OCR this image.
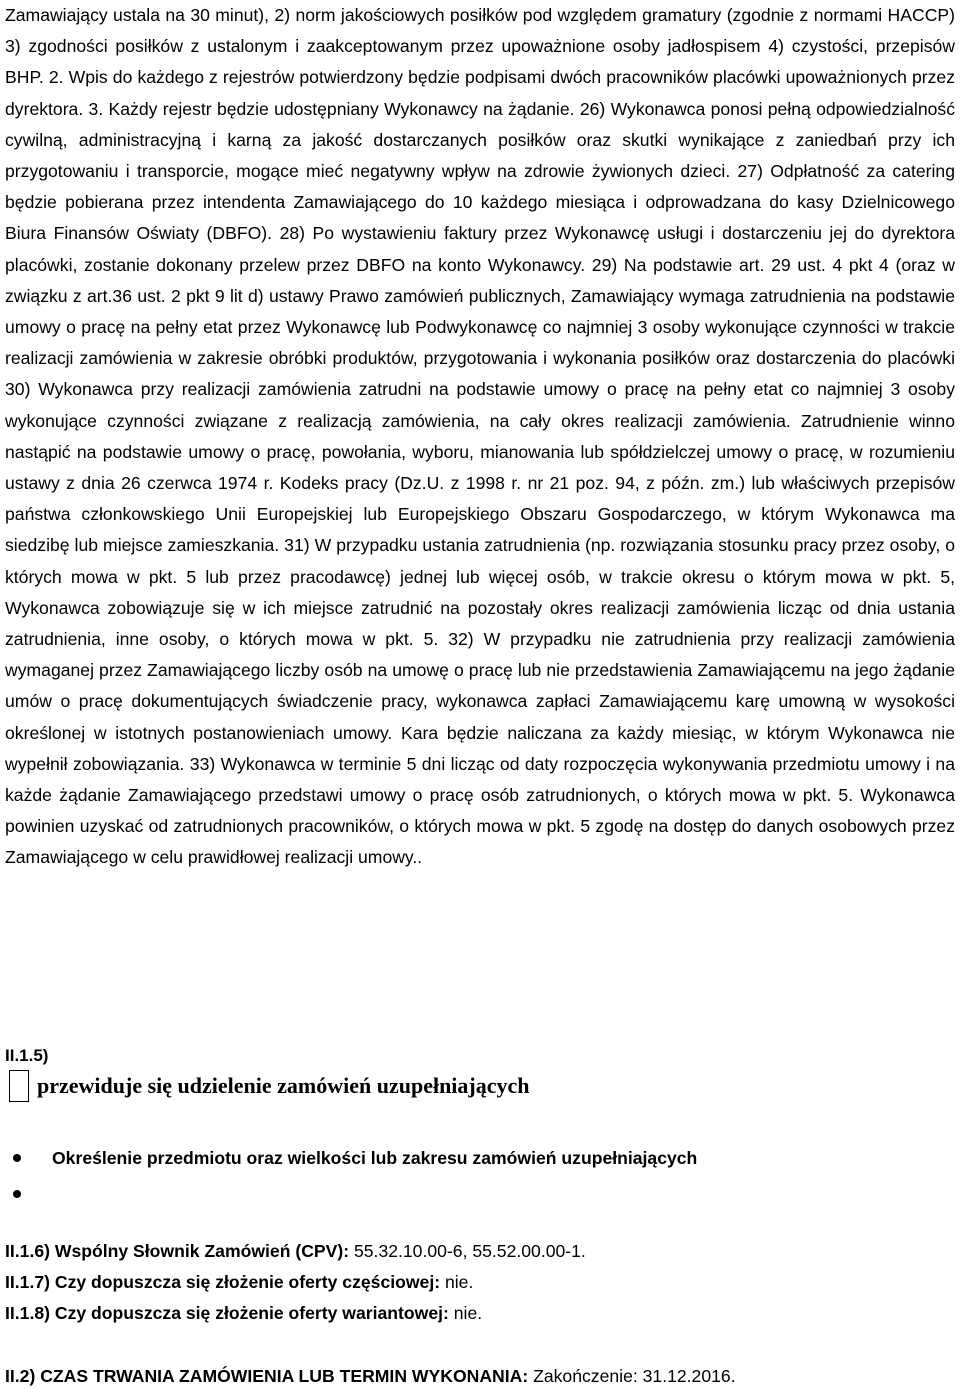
Zamawiający ustala na 30 minut), 2) norm jakościowych posiłków pod względem gramatury (zgodnie z normami HACCP) 3) zgodności posiłków z ustalonym i zaakceptowanym przez upoważnione osoby jadłospisem 4) czystości, przepisów BHP. 2. Wpis do każdego z rejestrów potwierdzony będzie podpisami dwóch pracowników placówki upoważnionych przez dyrektora. 3. Każdy rejestr będzie udostępniany Wykonawcy na żądanie. 26) Wykonawca ponosi pełną odpowiedzialność cywilną, administracyjną i karną za jakość dostarczanych posiłków oraz skutki wynikające z zaniedbań przy ich przygotowaniu i transporcie, mogące mieć negatywny wpływ na zdrowie żywionych dzieci. 27) Odpłatność za catering będzie pobierana przez intendenta Zamawiającego do 10 każdego miesiąca i odprowadzana do kasy Dzielnicowego Biura Finansów Oświaty (DBFO). 28) Po wystawieniu faktury przez Wykonawcę usługi i dostarczeniu jej do dyrektora placówki, zostanie dokonany przelew przez DBFO na konto Wykonawcy. 29) Na podstawie art. 29 ust. 4 pkt 4 (oraz w związku z art.36 ust. 2 pkt 9 lit d) ustawy Prawo zamówień publicznych, Zamawiający wymaga zatrudnienia na podstawie umowy o pracę na pełny etat przez Wykonawcę lub Podwykonawcę co najmniej 3 osoby wykonujące czynności w trakcie realizacji zamówienia w zakresie obróbki produktów, przygotowania i wykonania posiłków oraz dostarczenia do placówki 30) Wykonawca przy realizacji zamówienia zatrudni na podstawie umowy o pracę na pełny etat co najmniej 3 osoby wykonujące czynności związane z realizacją zamówienia, na cały okres realizacji zamówienia. Zatrudnienie winno nastąpić na podstawie umowy o pracę, powołania, wyboru, mianowania lub spółdzielczej umowy o pracę, w rozumieniu ustawy z dnia 26 czerwca 1974 r. Kodeks pracy (Dz.U. z 1998 r. nr 21 poz. 94, z późn. zm.) lub właściwych przepisów państwa członkowskiego Unii Europejskiej lub Europejskiego Obszaru Gospodarczego, w którym Wykonawca ma siedzibę lub miejsce zamieszkania. 31) W przypadku ustania zatrudnienia (np. rozwiązania stosunku pracy przez osoby, o których mowa w pkt. 5 lub przez pracodawcę) jednej lub więcej osób, w trakcie okresu o którym mowa w pkt. 5, Wykonawca zobowiązuje się w ich miejsce zatrudnić na pozostały okres realizacji zamówienia licząc od dnia ustania zatrudnienia, inne osoby, o których mowa w pkt. 5. 32) W przypadku nie zatrudnienia przy realizacji zamówienia wymaganej przez Zamawiającego liczby osób na umowę o pracę lub nie przedstawienia Zamawiającemu na jego żądanie umów o pracę dokumentujących świadczenie pracy, wykonawca zapłaci Zamawiającemu karę umowną w wysokości określonej w istotnych postanowieniach umowy. Kara będzie naliczana za każdy miesiąc, w którym Wykonawca nie wypełnił zobowiązania. 33) Wykonawca w terminie 5 dni licząc od daty rozpoczęcia wykonywania przedmiotu umowy i na każde żądanie Zamawiającego przedstawi umowy o pracę osób zatrudnionych, o których mowa w pkt. 5. Wykonawca powinien uzyskać od zatrudnionych pracowników, o których mowa w pkt. 5 zgodę na dostęp do danych osobowych przez Zamawiającego w celu prawidłowej realizacji umowy..

II.1.5)

przewiduje się udzielenie zamówień uzupełniających
Określenie przedmiotu oraz wielkości lub zakresu zamówień uzupełniających

II.1.6) Wspólny Słownik Zamówień (CPV): 55.32.10.00-6, 55.52.00.00-1.

II.1.7) Czy dopuszcza się złożenie oferty częściowej: nie.

II.1.8) Czy dopuszcza się złożenie oferty wariantowej: nie.

II.2) CZAS TRWANIA ZAMÓWIENIA LUB TERMIN WYKONANIA: Zakończenie: 31.12.2016.
